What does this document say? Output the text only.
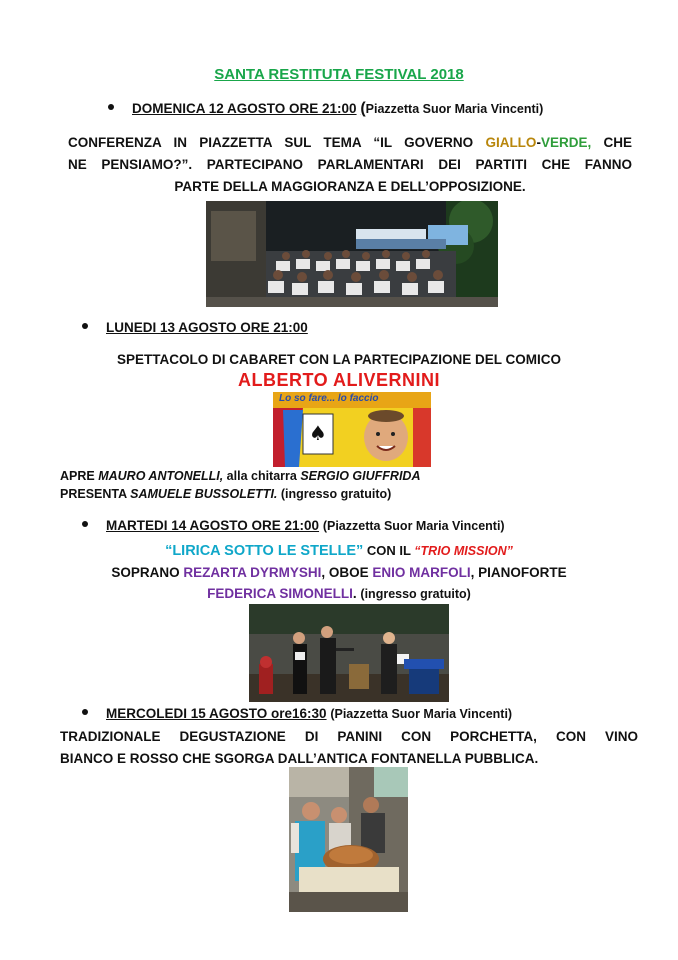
SANTA RESTITUTA FESTIVAL 2018
DOMENICA 12 AGOSTO ORE 21:00 (Piazzetta Suor Maria Vincenti)
CONFERENZA IN PIAZZETTA SUL TEMA “IL GOVERNO GIALLO-VERDE, CHE
NE PENSIAMO?”. PARTECIPANO PARLAMENTARI DEI PARTITI CHE FANNO
PARTE DELLA MAGGIORANZA E DELL’OPPOSIZIONE.
LUNEDI 13 AGOSTO ORE 21:00
SPETTACOLO DI CABARET CON LA PARTECIPAZIONE DEL COMICO
ALBERTO ALIVERNINI
♠
Lo so fare... lo faccio
APRE MAURO ANTONELLI, alla chitarra SERGIO GIUFFRIDA
PRESENTA SAMUELE BUSSOLETTI. (ingresso gratuito)
MARTEDI 14 AGOSTO ORE 21:00 (Piazzetta Suor Maria Vincenti)
“LIRICA SOTTO LE STELLE” CON IL “TRIO MISSION”
SOPRANO REZARTA DYRMYSHI, OBOE ENIO MARFOLI, PIANOFORTE
FEDERICA SIMONELLI. (ingresso gratuito)
MERCOLEDI 15 AGOSTO ore16:30 (Piazzetta Suor Maria Vincenti)
TRADIZIONALE DEGUSTAZIONE DI PANINI CON PORCHETTA, CON VINO
BIANCO E ROSSO CHE SGORGA DALL’ANTICA FONTANELLA PUBBLICA.
